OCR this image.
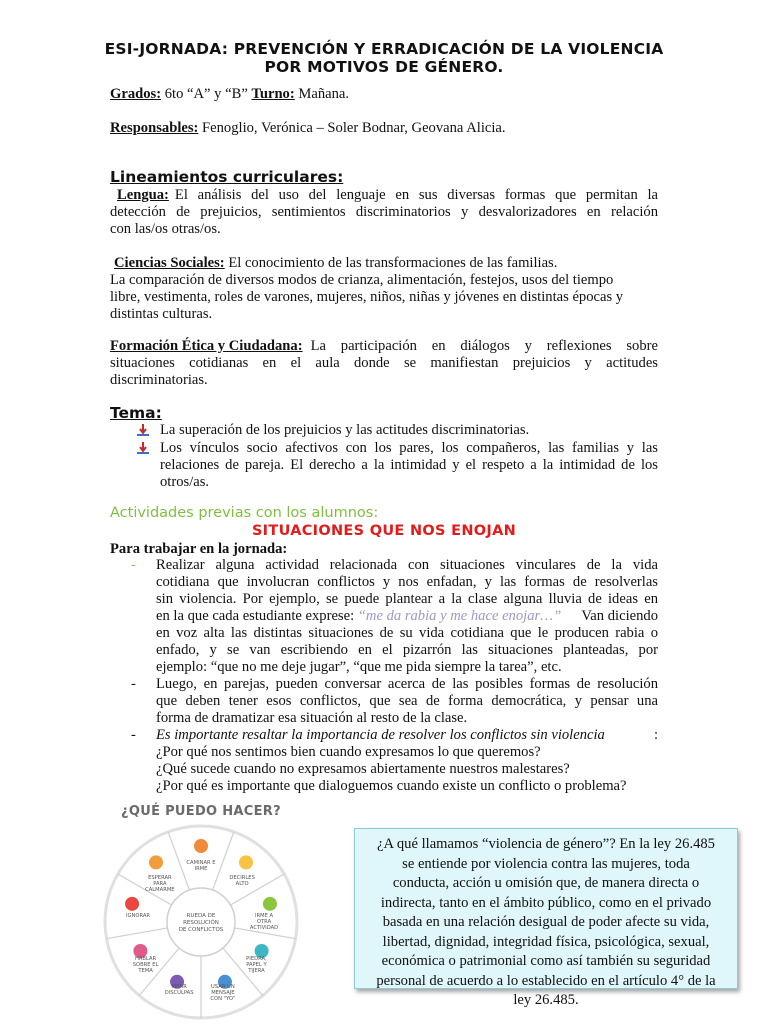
ESI-JORNADA: PREVENCIÓN Y ERRADICACIÓN DE LA VIOLENCIA
POR MOTIVOS DE GÉNERO.
Grados: 6to “A” y “B” Turno: Mañana.
Responsables: Fenoglio, Verónica – Soler Bodnar, Geovana Alicia.
Lineamientos curriculares:
Lengua: El análisis del uso del lenguaje en sus diversas formas que permitan la
detección de prejuicios, sentimientos discriminatorios y desvalorizadores en relación
con las/os otras/os.
Ciencias Sociales: El conocimiento de las transformaciones de las familias.
La comparación de diversos modos de crianza, alimentación, festejos, usos del tiempo
libre, vestimenta, roles de varones, mujeres, niños, niñas y jóvenes en distintas épocas y
distintas culturas.
Formación Ética y Ciudadana: La participación en diálogos y reflexiones sobre
situaciones cotidianas en el aula donde se manifiestan prejuicios y actitudes
discriminatorias.
Tema:
La superación de los prejuicios y las actitudes discriminatorias.
Los vínculos socio afectivos con los pares, los compañeros, las familias y las
relaciones de pareja. El derecho a la intimidad y el respeto a la intimidad de los
otros/as.
Actividades previas con los alumnos:
SITUACIONES QUE NOS ENOJAN
Para trabajar en la jornada:
- Realizar alguna actividad relacionada con situaciones vinculares de la vida
cotidiana que involucran conflictos y nos enfadan, y las formas de resolverlas
sin violencia. Por ejemplo, se puede plantear a la clase alguna lluvia de ideas en
en la que cada estudiante exprese: “me da rabia y me hace enojar…” Van diciendo
en voz alta las distintas situaciones de su vida cotidiana que le producen rabia o
enfado, y se van escribiendo en el pizarrón las situaciones planteadas, por
ejemplo: “que no me deje jugar”, “que me pida siempre la tarea”, etc.
- Luego, en parejas, pueden conversar acerca de las posibles formas de resolución
que deben tener esos conflictos, que sea de forma democrática, y pensar una
forma de dramatizar esa situación al resto de la clase.
- Es importante resaltar la importancia de resolver los conflictos sin violencia	:
¿Por qué nos sentimos bien cuando expresamos lo que queremos?
¿Qué sucede cuando no expresamos abiertamente nuestros malestares?
¿Por qué es importante que dialoguemos cuando existe un conflicto o problema?
¿QUÉ PUEDO HACER?
CAMINAR E IRME
DECIRLES ALTO
IRME A OTRA ACTIVIDAD
PIEDRA, PAPEL Y TIJERA
USAR UN MENSAJE CON "YO"
PEDIR DISCULPAS
HABLAR SOBRE EL TEMA
IGNORAR
ESPERAR PARA CALMARME
RUEDA DE RESOLUCIÓN DE CONFLICTOS
¿A qué llamamos “violencia de género”? En la ley 26.485
se entiende por violencia contra las mujeres, toda
conducta, acción u omisión que, de manera directa o
indirecta, tanto en el ámbito público, como en el privado
basada en una relación desigual de poder afecte su vida,
libertad, dignidad, integridad física, psicológica, sexual,
económica o patrimonial como así también su seguridad
personal de acuerdo a lo establecido en el artículo 4° de la
ley 26.485.
